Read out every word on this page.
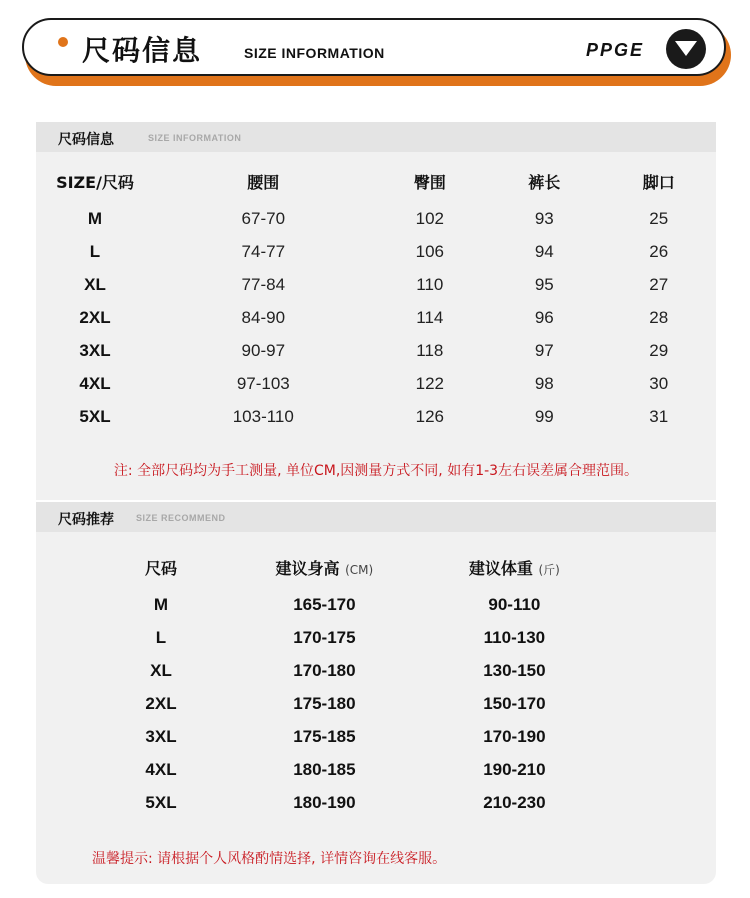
尺码信息	SIZE INFORMATION	PPGE
尺码信息	SIZE INFORMATION
SIZE/尺码	腰围	臀围	裤长	脚口
M	67-70	102	93	25
L	74-77	106	94	26
XL	77-84	110	95	27
2XL	84-90	114	96	28
3XL	90-97	118	97	29
4XL	97-103	122	98	30
5XL	103-110	126	99	31
注: 全部尺码均为手工测量, 单位CM,因测量方式不同, 如有1-3左右误差属合理范围。
尺码推荐 SIZE RECOMMEND
尺码	建议身高 (CM)	建议体重 (斤)
M	165-170	90-110
L	170-175	110-130
XL	170-180	130-150
2XL	175-180	150-170
3XL	175-185	170-190
4XL	180-185	190-210
5XL	180-190	210-230
温馨提示: 请根据个人风格酌情选择, 详情咨询在线客服。
